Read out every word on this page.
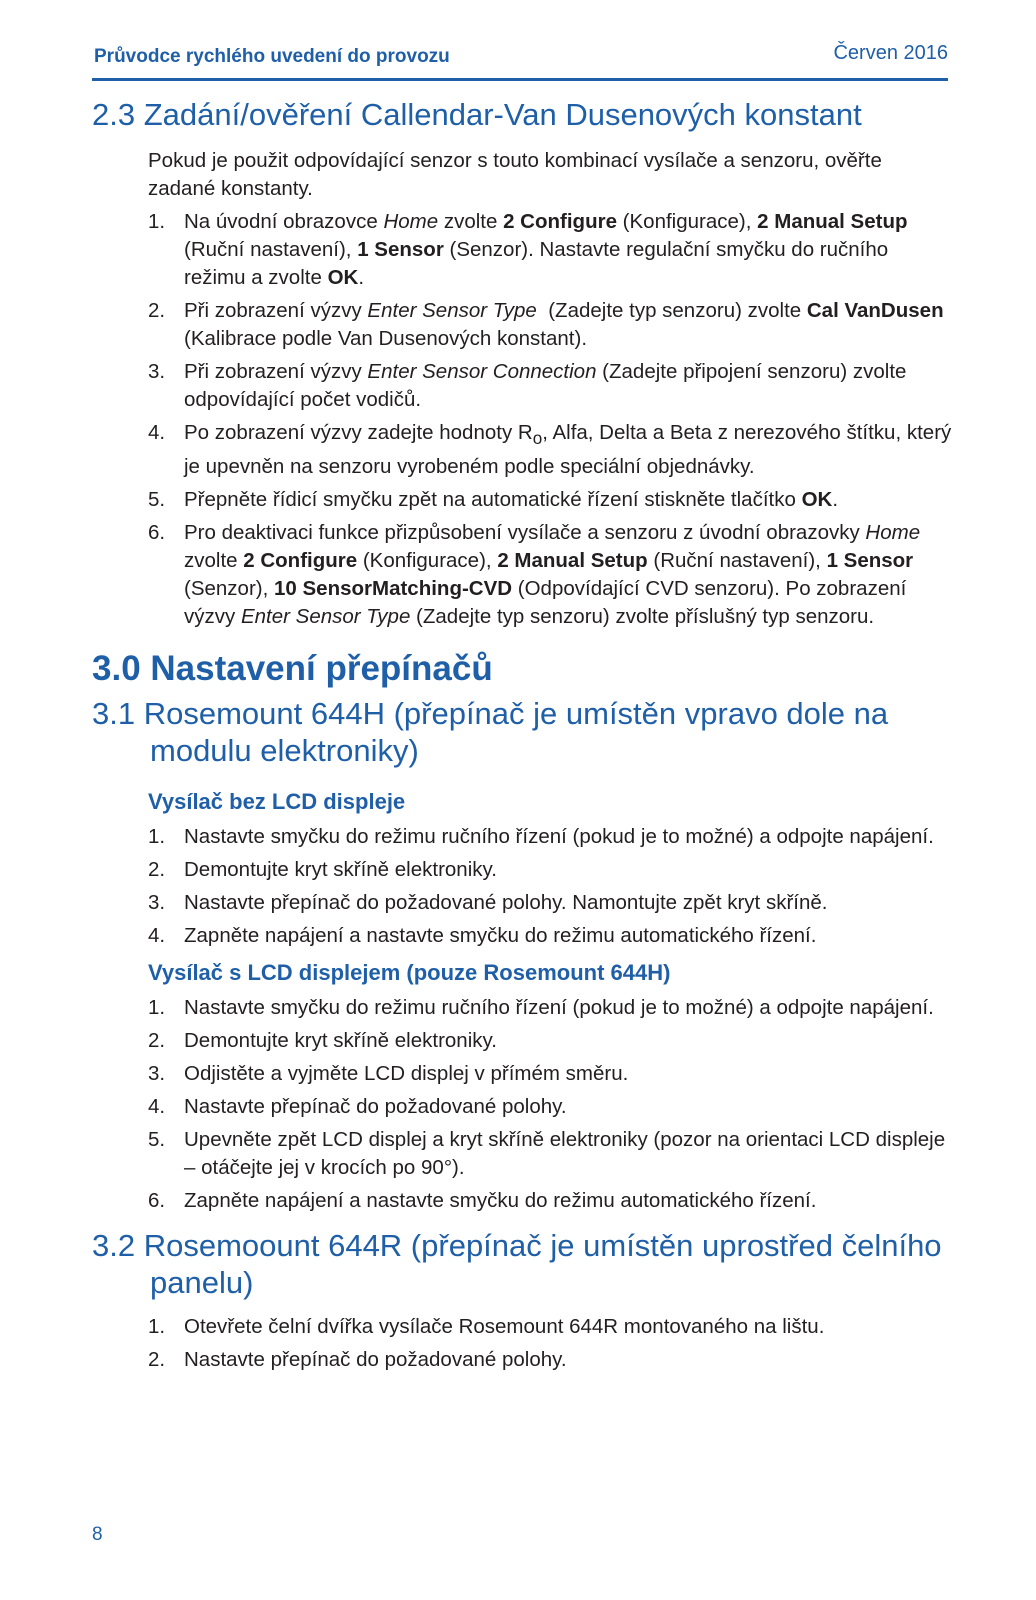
Průvodce rychlého uvedení do provozu	Červen 2016
2.3 Zadání/ověření Callendar-Van Dusenových konstant

Pokud je použit odpovídající senzor s touto kombinací vysílače a senzoru, ověřte zadané konstanty.

1. Na úvodní obrazovce Home zvolte 2 Configure (Konfigurace), 2 Manual Setup (Ruční nastavení), 1 Sensor (Senzor). Nastavte regulační smyčku do ručního režimu a zvolte OK.
2. Při zobrazení výzvy Enter Sensor Type  (Zadejte typ senzoru) zvolte Cal VanDusen (Kalibrace podle Van Dusenových konstant).
3. Při zobrazení výzvy Enter Sensor Connection (Zadejte připojení senzoru) zvolte odpovídající počet vodičů.
4. Po zobrazení výzvy zadejte hodnoty $R_o$, Alfa, Delta a Beta z nerezového štítku, který je upevněn na senzoru vyrobeném podle speciální objednávky.
5. Přepněte řídicí smyčku zpět na automatické řízení stiskněte tlačítko OK.
6. Pro deaktivaci funkce přizpůsobení vysílače a senzoru z úvodní obrazovky Home zvolte 2 Configure (Konfigurace), 2 Manual Setup (Ruční nastavení), 1 Sensor (Senzor), 10 SensorMatching-CVD (Odpovídající CVD senzoru). Po zobrazení výzvy Enter Sensor Type (Zadejte typ senzoru) zvolte příslušný typ senzoru.
3.0 Nastavení přepínačů
3.1 Rosemount 644H (přepínač je umístěn vpravo dole na modulu elektroniky)
Vysílač bez LCD displeje
1. Nastavte smyčku do režimu ručního řízení (pokud je to možné) a odpojte napájení.
2. Demontujte kryt skříně elektroniky.
3. Nastavte přepínač do požadované polohy. Namontujte zpět kryt skříně.
4. Zapněte napájení a nastavte smyčku do režimu automatického řízení.
Vysílač s LCD displejem (pouze Rosemount 644H)
1. Nastavte smyčku do režimu ručního řízení (pokud je to možné) a odpojte napájení.
2. Demontujte kryt skříně elektroniky.
3. Odjistěte a vyjměte LCD displej v přímém směru.
4. Nastavte přepínač do požadované polohy.
5. Upevněte zpět LCD displej a kryt skříně elektroniky (pozor na orientaci LCD displeje – otáčejte jej v krocích po 90°).
6. Zapněte napájení a nastavte smyčku do režimu automatického řízení.
3.2 Rosemoount 644R (přepínač je umístěn uprostřed čelního panelu)
1. Otevřete čelní dvířka vysílače Rosemount 644R montovaného na lištu.
2. Nastavte přepínač do požadované polohy.
8
